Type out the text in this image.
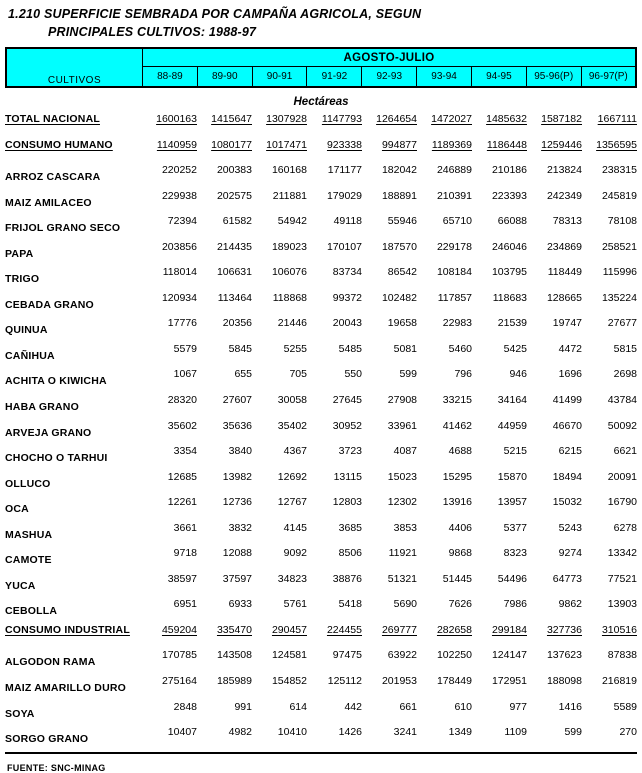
1.210 SUPERFICIE SEMBRADA POR CAMPAÑA AGRICOLA, SEGUN
PRINCIPALES CULTIVOS: 1988-97
CULTIVOS	AGOSTO-JULIO								
	88-89	89-90	90-91	91-92	92-93	93-94	94-95	95-96(P)	96-97(P)
Hectáreas
TOTAL NACIONAL	1600163	1415647	1307928	1147793	1264654	1472027	1485632	1587182	1667111
CONSUMO HUMANO	1140959	1080177	1017471	923338	994877	1189369	1186448	1259446	1356595
ARROZ CASCARA	220252	200383	160168	171177	182042	246889	210186	213824	238315
MAIZ AMILACEO	229938	202575	211881	179029	188891	210391	223393	242349	245819
FRIJOL GRANO SECO	72394	61582	54942	49118	55946	65710	66088	78313	78108
PAPA	203856	214435	189023	170107	187570	229178	246046	234869	258521
TRIGO	118014	106631	106076	83734	86542	108184	103795	118449	115996
CEBADA GRANO	120934	113464	118868	99372	102482	117857	118683	128665	135224
QUINUA	17776	20356	21446	20043	19658	22983	21539	19747	27677
CAÑIHUA	5579	5845	5255	5485	5081	5460	5425	4472	5815
ACHITA O KIWICHA	1067	655	705	550	599	796	946	1696	2698
HABA GRANO	28320	27607	30058	27645	27908	33215	34164	41499	43784
ARVEJA GRANO	35602	35636	35402	30952	33961	41462	44959	46670	50092
CHOCHO O TARHUI	3354	3840	4367	3723	4087	4688	5215	6215	6621
OLLUCO	12685	13982	12692	13115	15023	15295	15870	18494	20091
OCA	12261	12736	12767	12803	12302	13916	13957	15032	16790
MASHUA	3661	3832	4145	3685	3853	4406	5377	5243	6278
CAMOTE	9718	12088	9092	8506	11921	9868	8323	9274	13342
YUCA	38597	37597	34823	38876	51321	51445	54496	64773	77521
CEBOLLA	6951	6933	5761	5418	5690	7626	7986	9862	13903
CONSUMO INDUSTRIAL	459204	335470	290457	224455	269777	282658	299184	327736	310516
ALGODON RAMA	170785	143508	124581	97475	63922	102250	124147	137623	87838
MAIZ AMARILLO DURO	275164	185989	154852	125112	201953	178449	172951	188098	216819
SOYA	2848	991	614	442	661	610	977	1416	5589
SORGO GRANO	10407	4982	10410	1426	3241	1349	1109	599	270
FUENTE: SNC-MINAG
